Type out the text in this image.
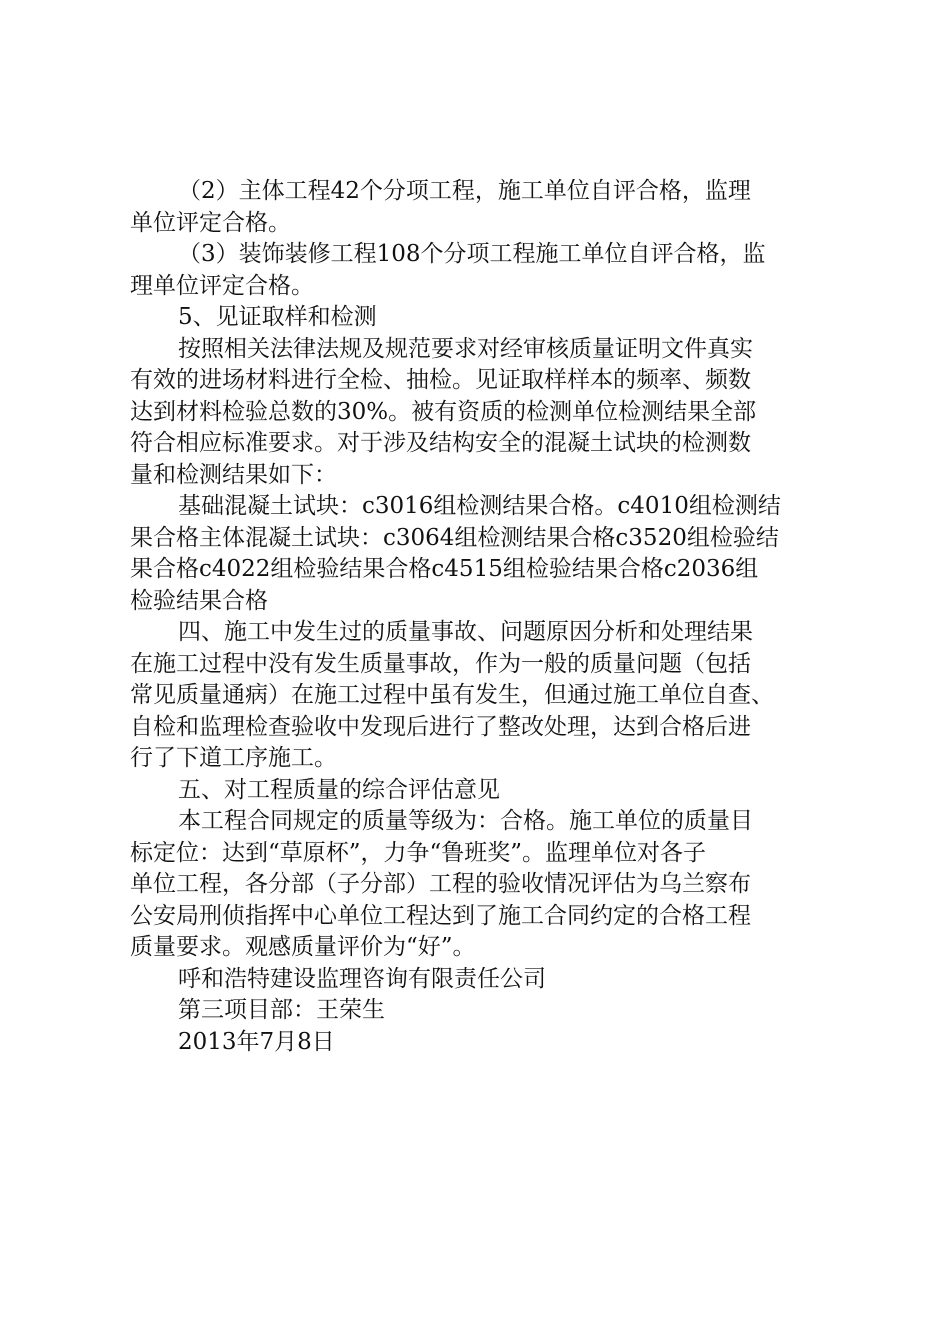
（2）主体工程42个分项工程，施工单位自评合格，监理
单位评定合格。
（3）装饰装修工程108个分项工程施工单位自评合格，监
理单位评定合格。
5、见证取样和检测
按照相关法律法规及规范要求对经审核质量证明文件真实
有效的进场材料进行全检、抽检。见证取样样本的频率、频数
达到材料检验总数的30%。被有资质的检测单位检测结果全部
符合相应标准要求。对于涉及结构安全的混凝土试块的检测数
量和检测结果如下：
基础混凝土试块：c3016组检测结果合格。c4010组检测结
果合格主体混凝土试块：c3064组检测结果合格c3520组检验结
果合格c4022组检验结果合格c4515组检验结果合格c2036组
检验结果合格
四、施工中发生过的质量事故、问题原因分析和处理结果
在施工过程中没有发生质量事故，作为一般的质量问题（包括
常见质量通病）在施工过程中虽有发生，但通过施工单位自查、
自检和监理检查验收中发现后进行了整改处理，达到合格后进
行了下道工序施工。
五、对工程质量的综合评估意见
本工程合同规定的质量等级为：合格。施工单位的质量目
标定位：达到“草原杯”，力争“鲁班奖”。监理单位对各子
单位工程，各分部（子分部）工程的验收情况评估为乌兰察布
公安局刑侦指挥中心单位工程达到了施工合同约定的合格工程
质量要求。观感质量评价为“好”。
呼和浩特建设监理咨询有限责任公司
第三项目部：王荣生
2013年7月8日
